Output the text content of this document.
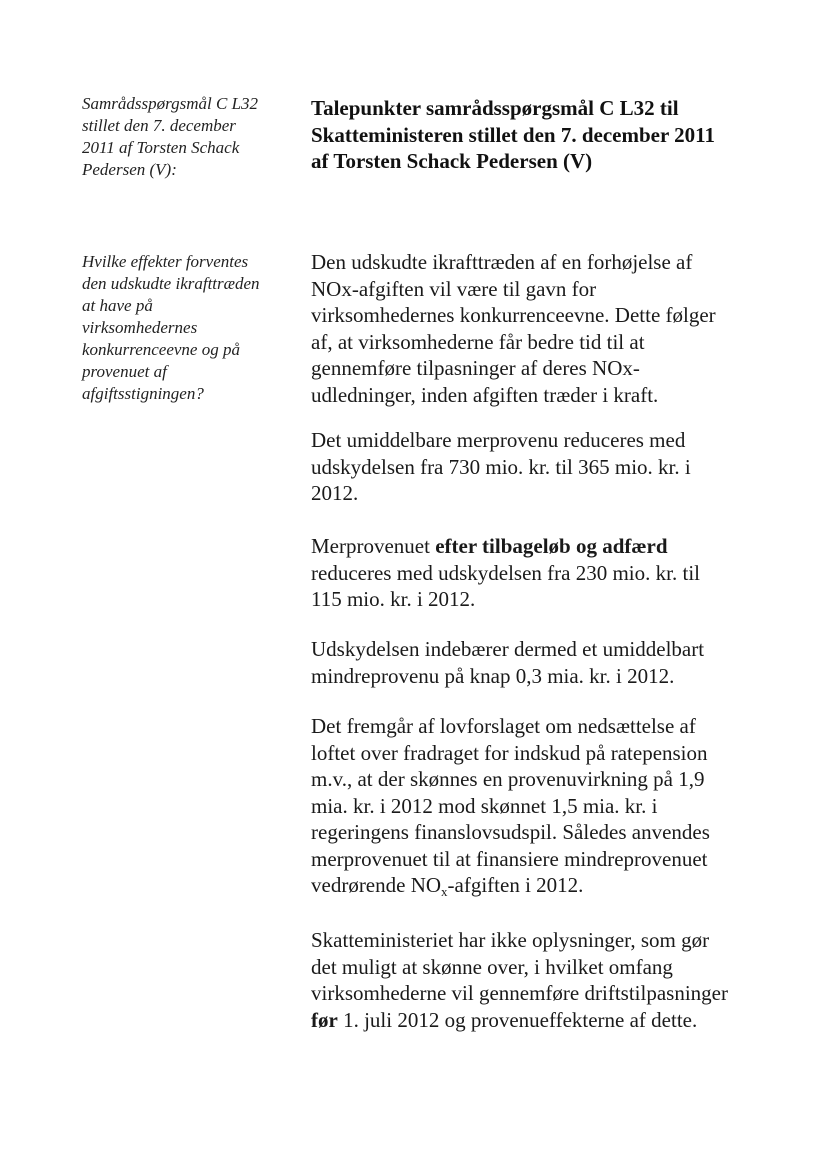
Samrådsspørgsmål C L32
stillet den 7. december
2011 af Torsten Schack
Pedersen (V):
Hvilke effekter forventes
den udskudte ikrafttræden
at have på
virksomhedernes
konkurrenceevne og på
provenuet af
afgiftsstigningen?
Talepunkter samrådsspørgsmål C L32 til
Skatteministeren stillet den 7. december 2011
af Torsten Schack Pedersen (V)
Den udskudte ikrafttræden af en forhøjelse af
NOx-afgiften vil være til gavn for
virksomhedernes konkurrenceevne. Dette følger
af, at virksomhederne får bedre tid til at
gennemføre tilpasninger af deres NOx-
udledninger, inden afgiften træder i kraft.
Det umiddelbare merprovenu reduceres med
udskydelsen fra 730 mio. kr. til 365 mio. kr. i
2012.
Merprovenuet efter tilbageløb og adfærd
reduceres med udskydelsen fra 230 mio. kr. til
115 mio. kr. i 2012.
Udskydelsen indebærer dermed et umiddelbart
mindreprovenu på knap 0,3 mia. kr. i 2012.
Det fremgår af lovforslaget om nedsættelse af
loftet over fradraget for indskud på ratepension
m.v., at der skønnes en provenuvirkning på 1,9
mia. kr. i 2012 mod skønnet 1,5 mia. kr. i
regeringens finanslovsudspil. Således anvendes
merprovenuet til at finansiere mindreprovenuet
vedrørende $NO_x$-afgiften i 2012.
Skatteministeriet har ikke oplysninger, som gør
det muligt at skønne over, i hvilket omfang
virksomhederne vil gennemføre driftstilpasninger
før 1. juli 2012 og provenueffekterne af dette.
